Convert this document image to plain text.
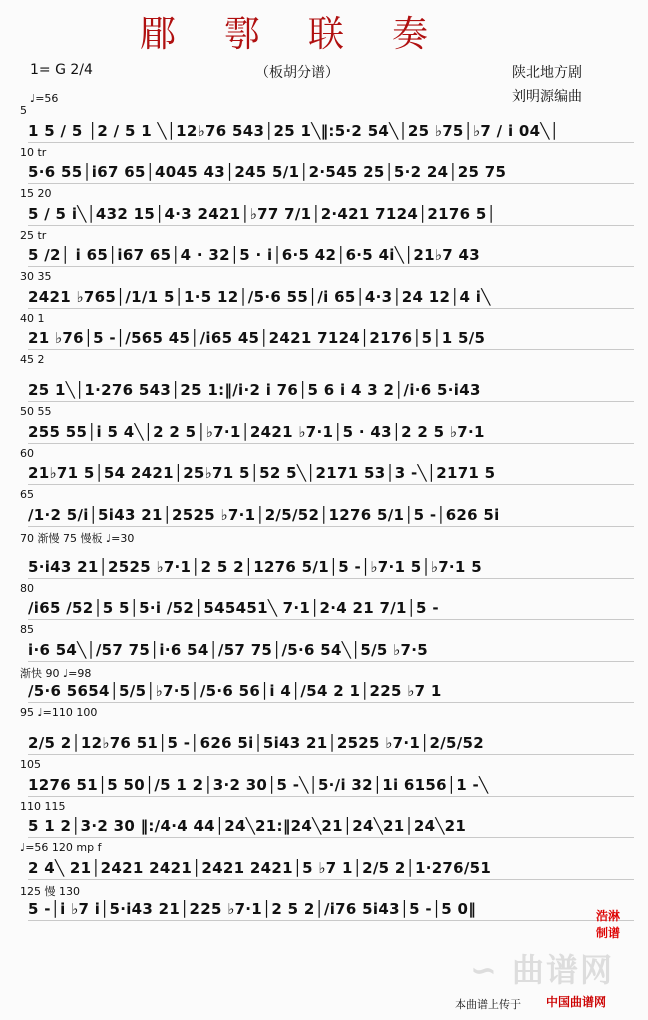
郿鄠联奏
1= G 2/4
♩=56
（板胡分谱）	陕北地方剧
刘明源编曲
5
1 5 ∕ 5 │2 ∕ 5 1 ╲│12♭76 543│25 1╲‖:5·2 54╲│25 ♭75│♭7 ∕ i 04╲│
10 tr
5·6 55│i67 65│4045 43│245 5∕1│2·545 25│5·2 24│25 75
15 20
5 ∕ 5 i╲│432 15│4·3 2421│♭77 7∕1│2·421 7124│2176 5│
25 tr
5 ∕2│ i 65│i67 65│4 · 32│5 · i│6·5 42│6·5 4i╲│21♭7 43
30 35
2421 ♭765│∕1∕1 5│1·5 12│∕5·6 55│∕i 65│4·3│24 12│4 i╲
40 1
21 ♭76│5 -│∕565 45│∕i65 45│2421 7124│2176│5│1 5∕5
45 2
25 1╲│1·276 543│25 1:‖∕i·2 i 76│5 6 i 4 3 2│∕i·6 5·i43
50 55
255 55│i 5 4╲│2 2 5│♭7·1│2421 ♭7·1│5 · 43│2 2 5 ♭7·1
60
21♭71 5│54 2421│25♭71 5│52 5╲│2171 53│3 -╲│2171 5
65
∕1·2 5∕i│5i43 21│2525 ♭7·1│2∕5∕52│1276 5∕1│5 -│626 5i
70 渐慢 75 慢板 ♩=30
5·i43 21│2525 ♭7·1│2 5 2│1276 5∕1│5 -│♭7·1 5│♭7·1 5
80
∕i65 ∕52│5 5│5·i ∕52│545451╲ 7·1│2·4 21 7∕1│5 -
85
i·6 54╲│∕57 75│i·6 54│∕57 75│∕5·6 54╲│5∕5 ♭7·5
渐快 90 ♩=98
∕5·6 5654│5∕5│♭7·5│∕5·6 56│i 4│∕54 2 1│225 ♭7 1
95 ♩=110 100
2∕5 2│12♭76 51│5 -│626 5i│5i43 21│2525 ♭7·1│2∕5∕52
105
1276 51│5 50│∕5 1 2│3·2 30│5 -╲│5·∕i 32│1i 6156│1 -╲
110 115
5 1 2│3·2 30 ‖:∕4·4 44│24╲21:‖24╲21│24╲21│24╲21
♩=56 120 mp f
2 4╲ 21│2421 2421│2421 2421│5 ♭7 1│2∕5 2│1·276∕51
125 慢 130
5 -│i ♭7 i│5·i43 21│225 ♭7·1│2 5 2│∕i76 5i43│5 -│5 0‖
∽ 曲谱网
浩淋制谱
本曲谱上传于 中国曲谱网
